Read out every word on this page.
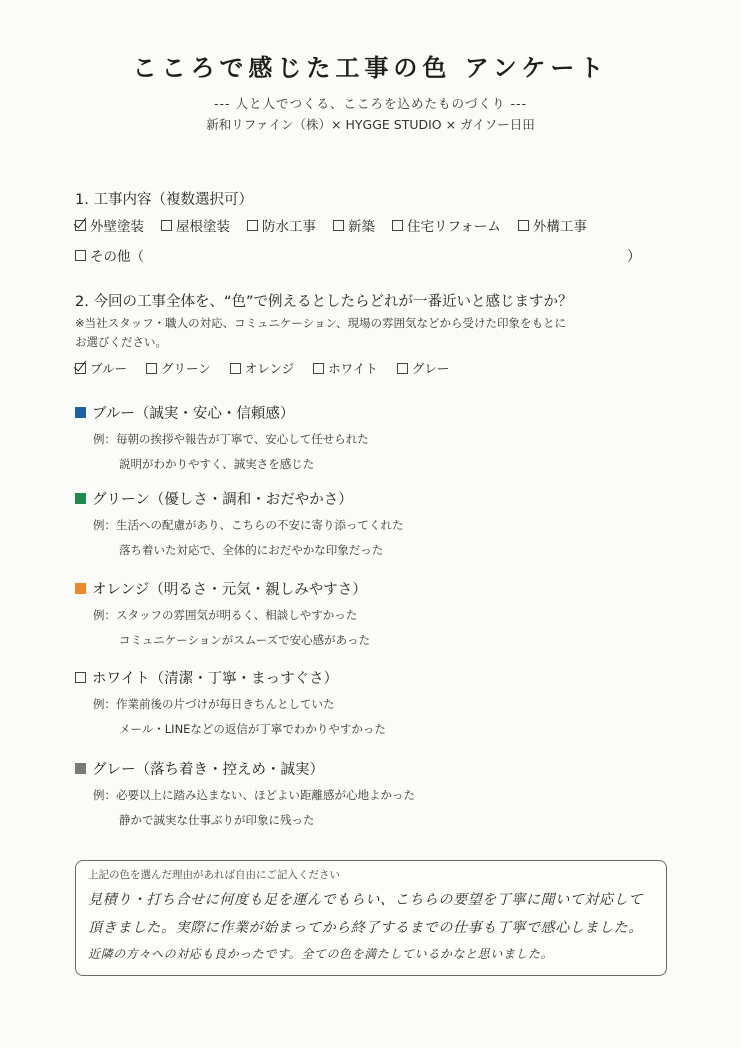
こころで感じた工事の色 アンケート
--- 人と人でつくる、こころを込めたものづくり ---
新和リファイン（株）× HYGGE STUDIO × ガイソー日田
1. 工事内容（複数選択可）
外壁塗装 屋根塗装 防水工事 新築 住宅リフォーム 外構工事
その他（	）
2. 今回の工事全体を、“色”で例えるとしたらどれが一番近いと感じますか？
※当社スタッフ・職人の対応、コミュニケーション、現場の雰囲気などから受けた印象をもとに
お選びください。
ブルー	グリーン	オレンジ	ホワイト	グレー
ブルー（誠実・安心・信頼感）
例：毎朝の挨拶や報告が丁寧で、安心して任せられた
説明がわかりやすく、誠実さを感じた
グリーン（優しさ・調和・おだやかさ）
例：生活への配慮があり、こちらの不安に寄り添ってくれた
落ち着いた対応で、全体的におだやかな印象だった
オレンジ（明るさ・元気・親しみやすさ）
例：スタッフの雰囲気が明るく、相談しやすかった
コミュニケーションがスムーズで安心感があった
ホワイト（清潔・丁寧・まっすぐさ）
例：作業前後の片づけが毎日きちんとしていた
メール・LINEなどの返信が丁寧でわかりやすかった
グレー（落ち着き・控えめ・誠実）
例：必要以上に踏み込まない、ほどよい距離感が心地よかった
静かで誠実な仕事ぶりが印象に残った
上記の色を選んだ理由があれば自由にご記入ください
見積り・打ち合せに何度も足を運んでもらい、こちらの要望を丁寧に聞いて対応して
頂きました。実際に作業が始まってから終了するまでの仕事も丁寧で感心しました。
近隣の方々への対応も良かったです。全ての色を満たしているかなと思いました。
